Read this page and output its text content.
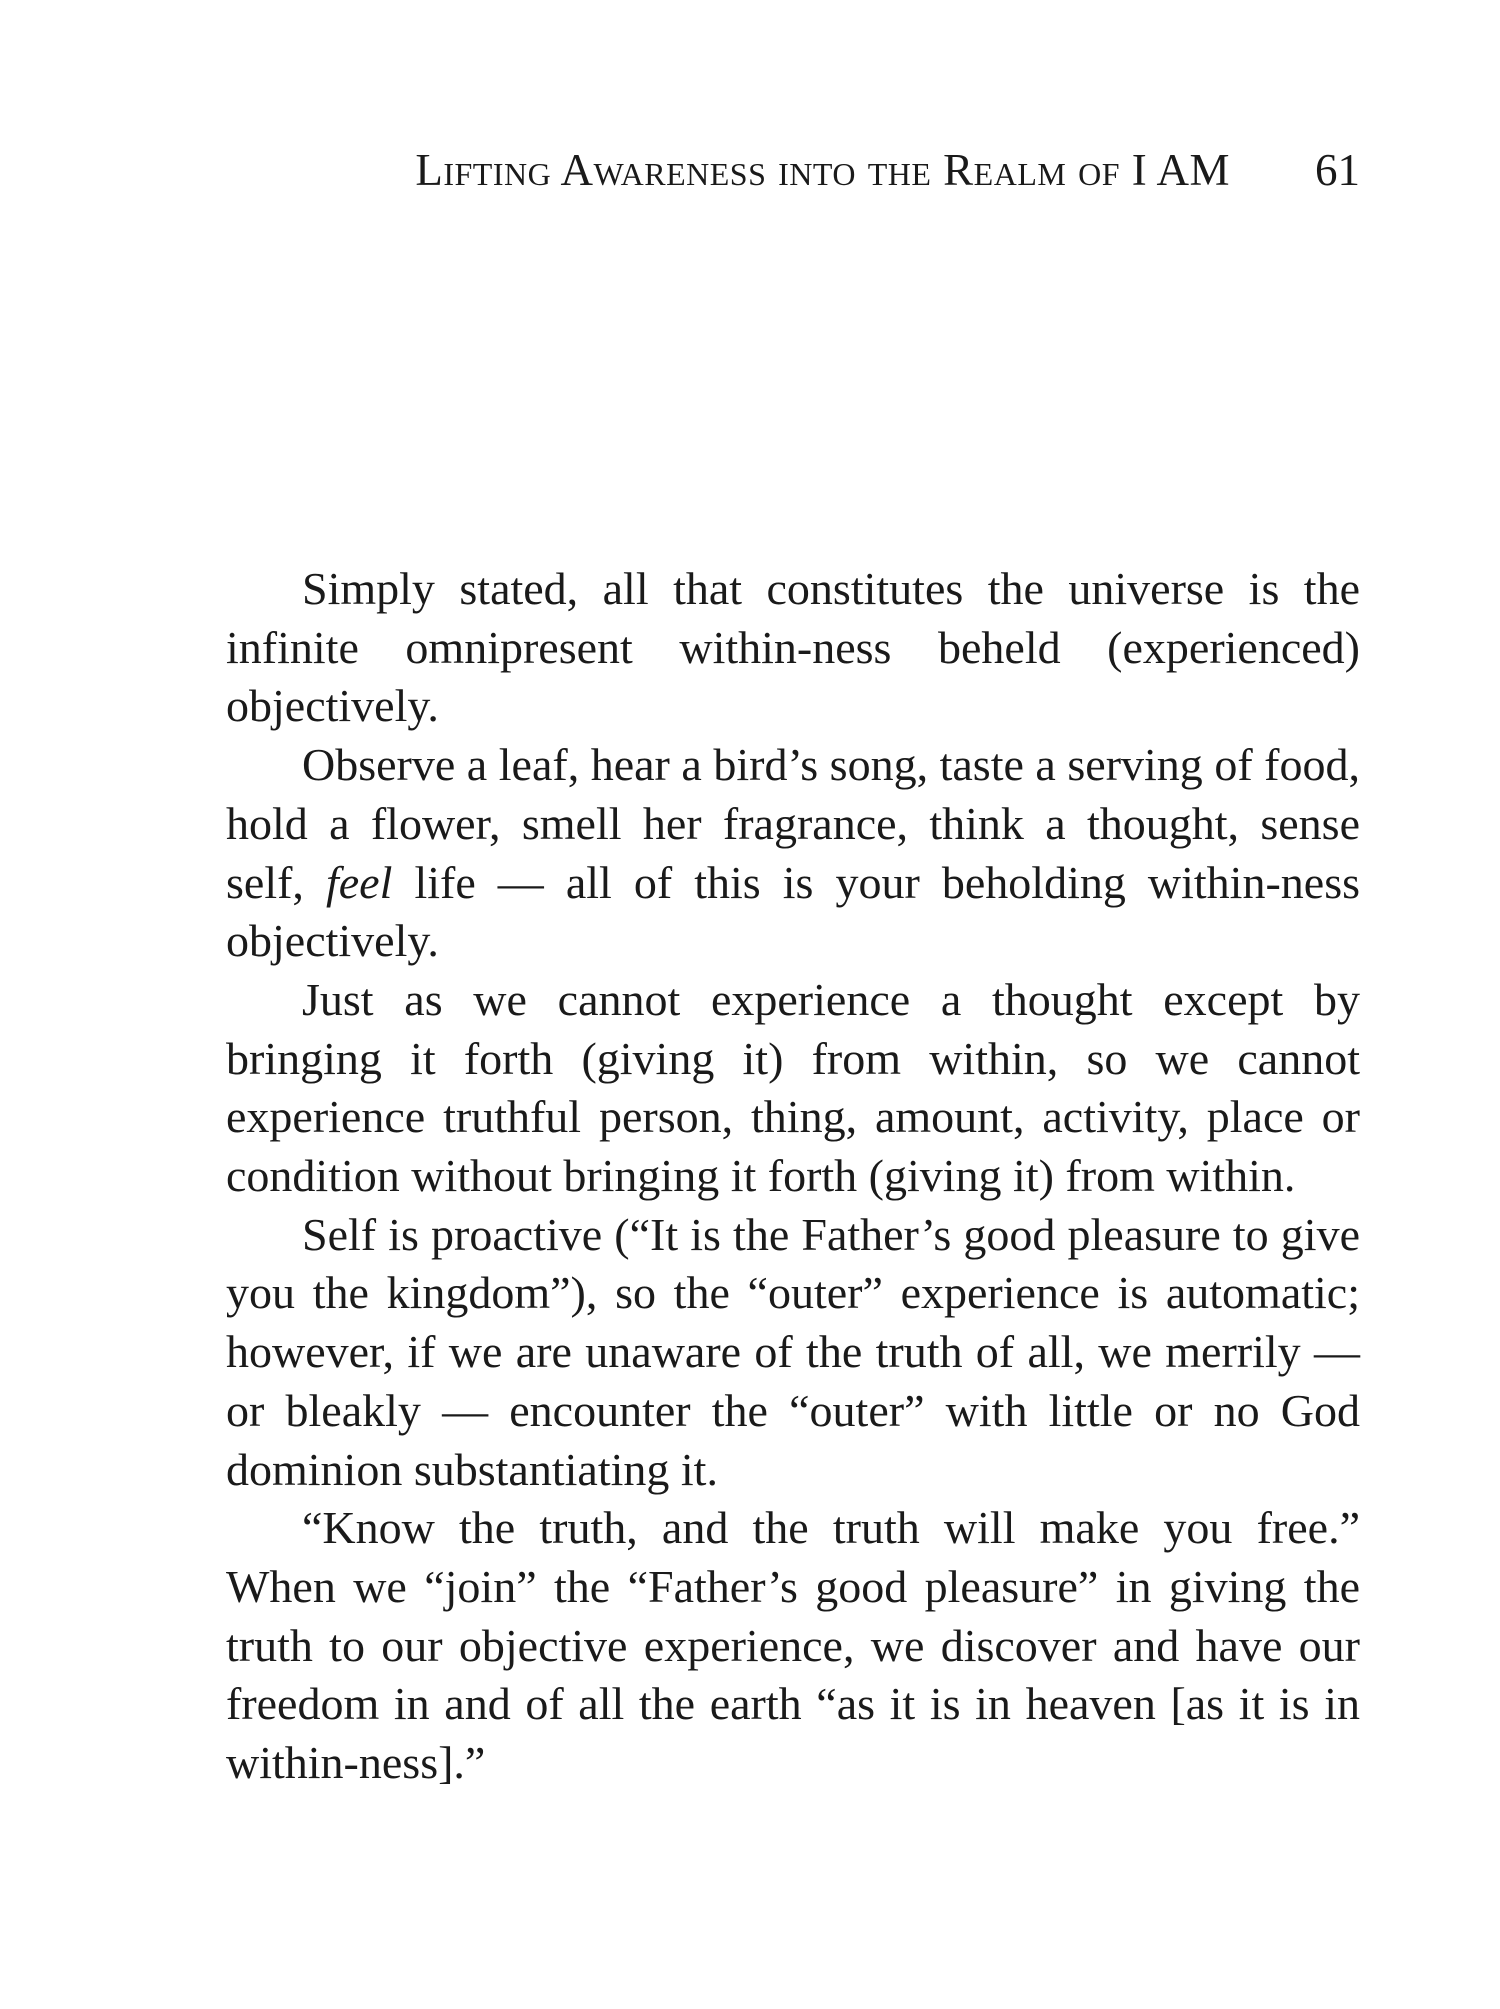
Lifting Awareness into the Realm of I AM 61

Simply stated, all that constitutes the universe is the infinite omnipresent within-ness beheld (experienced) objectively.

Observe a leaf, hear a bird’s song, taste a serving of food, hold a flower, smell her fragrance, think a thought, sense self, feel life — all of this is your beholding within-ness objectively.

Just as we cannot experience a thought except by bringing it forth (giving it) from within, so we cannot experience truthful person, thing, amount, activity, place or condition without bringing it forth (giving it) from within.

Self is proactive (“It is the Father’s good pleasure to give you the kingdom”), so the “outer” experience is automatic; however, if we are unaware of the truth of all, we merrily — or bleakly — encounter the “outer” with little or no God dominion substantiating it.

“Know the truth, and the truth will make you free.” When we “join” the “Father’s good pleasure” in giving the truth to our objective experience, we discover and have our freedom in and of all the earth “as it is in heaven [as it is in within-ness].”
